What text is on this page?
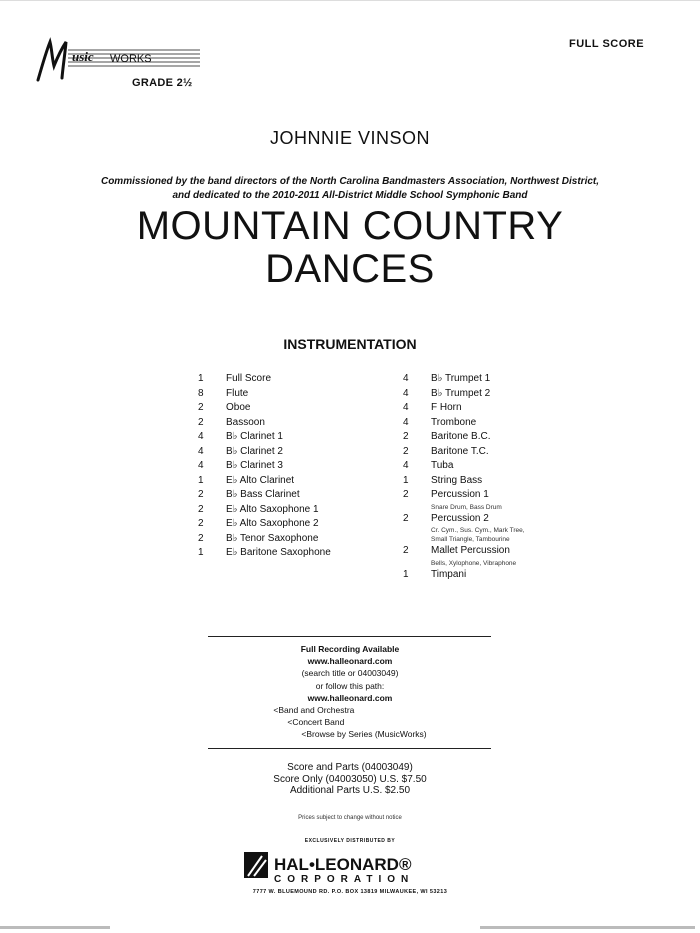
usic WORKS
GRADE 2½
FULL SCORE
JOHNNIE VINSON
Commissioned by the band directors of the North Carolina Bandmasters Association, Northwest District,
and dedicated to the 2010-2011 All-District Middle School Symphonic Band
MOUNTAIN COUNTRY
DANCES
INSTRUMENTATION
1	Full Score
8	Flute
2	Oboe
2	Bassoon
4	B♭ Clarinet 1
4	B♭ Clarinet 2
4	B♭ Clarinet 3
1	E♭ Alto Clarinet
2	B♭ Bass Clarinet
2	E♭ Alto Saxophone 1
2	E♭ Alto Saxophone 2
2	B♭ Tenor Saxophone
1	E♭ Baritone Saxophone
4	B♭ Trumpet 1
4	B♭ Trumpet 2
4	F Horn
4	Trombone
2	Baritone B.C.
2	Baritone T.C.
4	Tuba
1	String Bass
2	Percussion 1
Snare Drum, Bass Drum
2	Percussion 2
Cr. Cym., Sus. Cym., Mark Tree,
Small Triangle, Tambourine
2	Mallet Percussion
Bells, Xylophone, Vibraphone
1	Timpani
Full Recording Available
www.halleonard.com
(search title or 04003049)
or follow this path:
www.halleonard.com
<Band and Orchestra
<Concert Band
<Browse by Series (MusicWorks)
Score and Parts (04003049)
Score Only (04003050) U.S. $7.50
Additional Parts U.S. $2.50
Prices subject to change without notice
EXCLUSIVELY DISTRIBUTED BY
HAL•LEONARD®
CORPORATION
7777 W. BLUEMOUND RD. P.O. BOX 13819 MILWAUKEE, WI 53213
